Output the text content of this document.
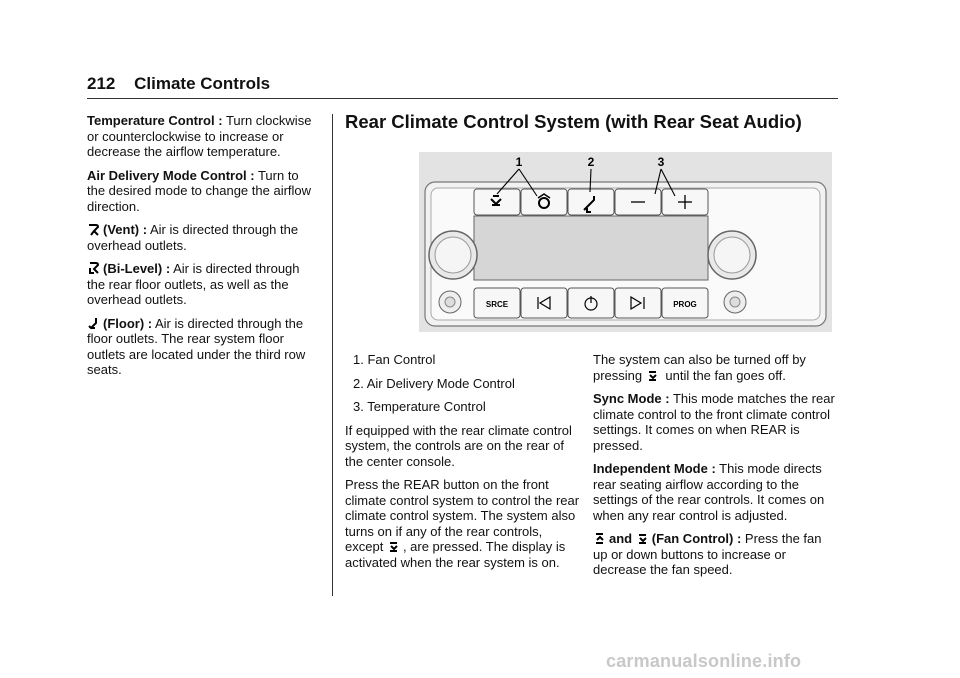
212 Climate Controls

Temperature Control : Turn clockwise or counterclockwise to increase or decrease the airflow temperature.

Air Delivery Mode Control : Turn to the desired mode to change the airflow direction.

(Vent) : Air is directed through the overhead outlets.

(Bi-Level) : Air is directed through the rear floor outlets, as well as the overhead outlets.

(Floor) : Air is directed through the floor outlets. The rear system floor outlets are located under the third row seats.

Rear Climate Control System (with Rear Seat Audio)
SRCE	PROG
1	2	3
1. Fan Control
2. Air Delivery Mode Control
3. Temperature Control

If equipped with the rear climate control system, the controls are on the rear of the center console.

Press the REAR button on the front climate control system to control the rear climate control system. The system also turns on if any of the rear controls, except , are pressed. The display is activated when the rear system is on.

The system can also be turned off by pressing  until the fan goes off.

Sync Mode : This mode matches the rear climate control to the front climate control settings. It comes on when REAR is pressed.

Independent Mode : This mode directs rear seating airflow according to the settings of the rear controls. It comes on when any rear control is adjusted.

and (Fan Control) : Press the fan up or down buttons to increase or decrease the fan speed.

carmanualsonline.info
